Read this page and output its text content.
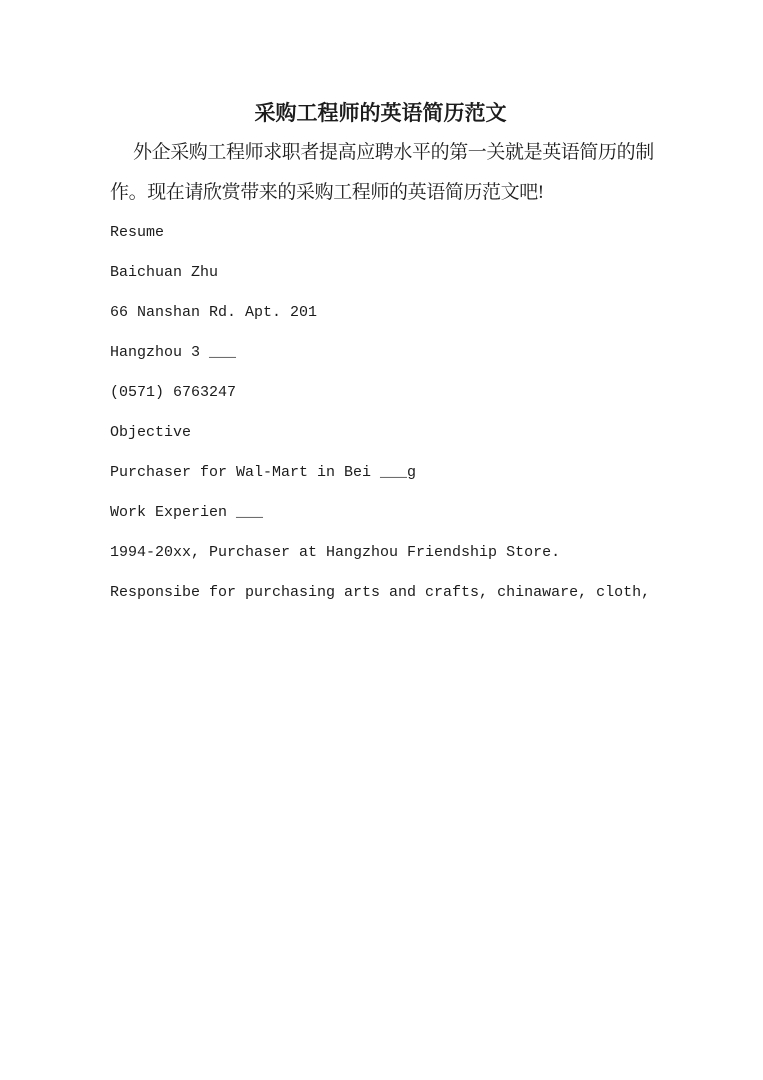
采购工程师的英语简历范文

外企采购工程师求职者提高应聘水平的第一关就是英语简历的制

作。现在请欣赏带来的采购工程师的英语简历范文吧!

Resume

Baichuan Zhu

66 Nanshan Rd. Apt. 201

Hangzhou 3 ___

(0571) 6763247

Objective

Purchaser for Wal-Mart in Bei ___g

Work Experien ___

1994-20xx, Purchaser at Hangzhou Friendship Store.

Responsibe for purchasing arts and crafts, chinaware, cloth,
